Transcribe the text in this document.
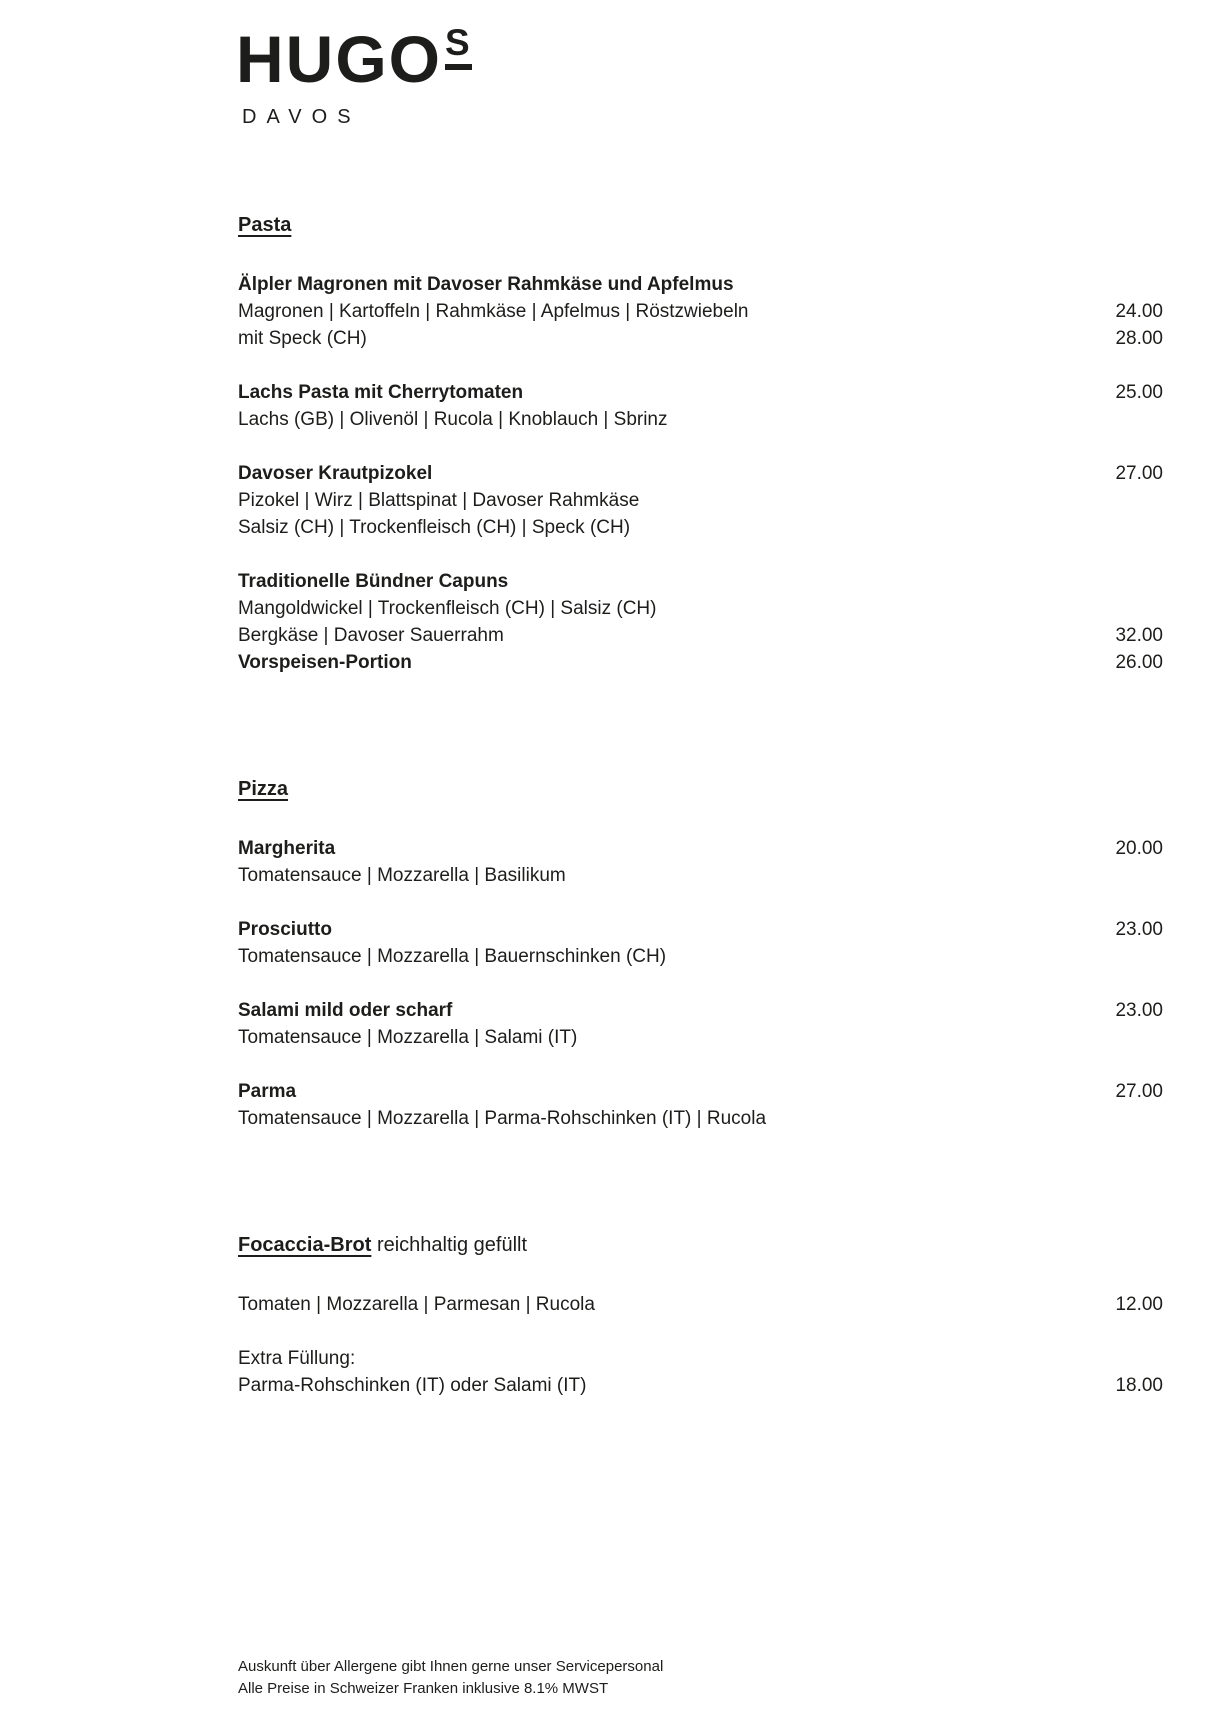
HUGOS
DAVOS
Pasta
Älpler Magronen mit Davoser Rahmkäse und Apfelmus
Magronen | Kartoffeln | Rahmkäse | Apfelmus | Röstzwiebeln	24.00
mit Speck (CH)	28.00
Lachs Pasta mit Cherrytomaten	25.00
Lachs (GB) | Olivenöl | Rucola | Knoblauch | Sbrinz
Davoser Krautpizokel	27.00
Pizokel | Wirz | Blattspinat | Davoser Rahmkäse
Salsiz (CH) | Trockenfleisch (CH) | Speck (CH)
Traditionelle Bündner Capuns
Mangoldwickel | Trockenfleisch (CH) | Salsiz (CH)
Bergkäse | Davoser Sauerrahm	32.00
Vorspeisen-Portion	26.00
Pizza
Margherita	20.00
Tomatensauce | Mozzarella | Basilikum
Prosciutto	23.00
Tomatensauce | Mozzarella | Bauernschinken (CH)
Salami mild oder scharf	23.00
Tomatensauce | Mozzarella | Salami (IT)
Parma	27.00
Tomatensauce | Mozzarella | Parma-Rohschinken (IT) | Rucola
Focaccia-Brot reichhaltig gefüllt
Tomaten | Mozzarella | Parmesan | Rucola	12.00
Extra Füllung:
Parma-Rohschinken (IT) oder Salami (IT)	18.00
Auskunft über Allergene gibt Ihnen gerne unser Servicepersonal
Alle Preise in Schweizer Franken inklusive 8.1% MWST
